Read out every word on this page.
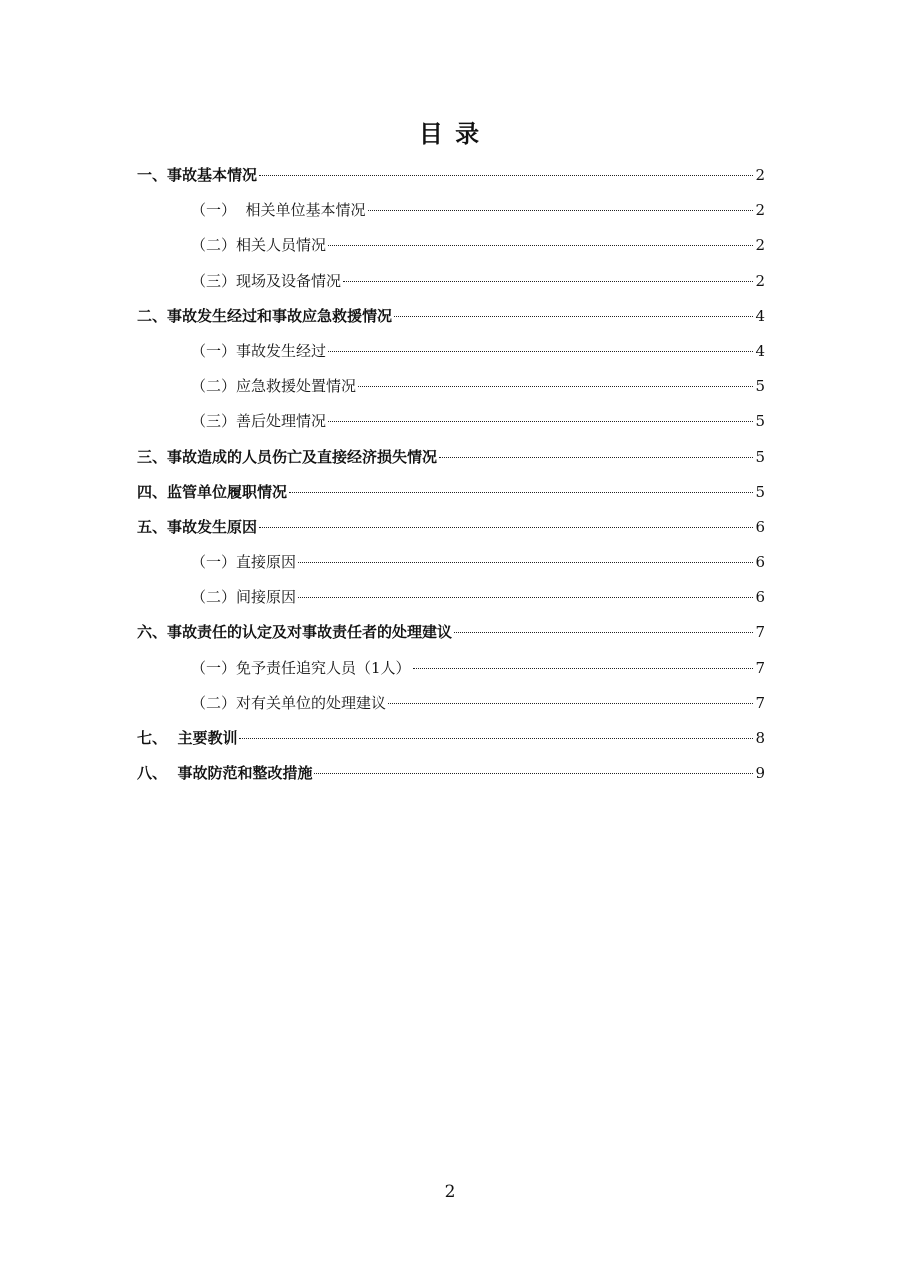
目 录
一、事故基本情况	2
（一）  相关单位基本情况	2
（二）相关人员情况	2
（三）现场及设备情况	2
二、事故发生经过和事故应急救援情况	4
（一）事故发生经过	4
（二）应急救援处置情况	5
（三）善后处理情况	5
三、事故造成的人员伤亡及直接经济损失情况	5
四、监管单位履职情况	5
五、事故发生原因	6
（一）直接原因	6
（二）间接原因	6
六、事故责任的认定及对事故责任者的处理建议	7
（一）免予责任追究人员（1人）	7
（二）对有关单位的处理建议	7
七、  主要教训	8
八、  事故防范和整改措施	9
2
